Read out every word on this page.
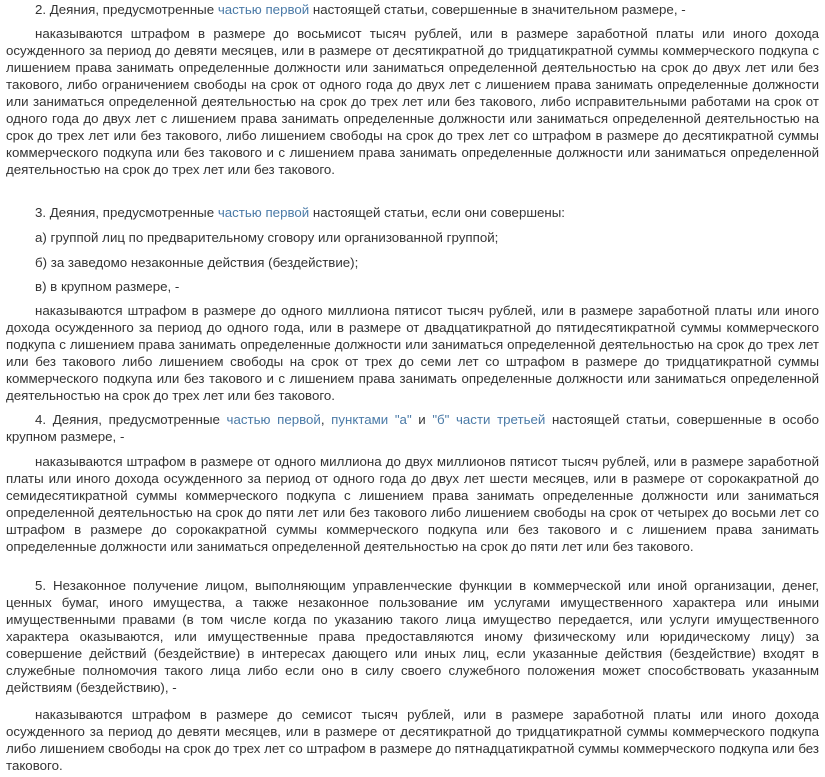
2. Деяния, предусмотренные частью первой настоящей статьи, совершенные в значительном размере, -

наказываются штрафом в размере до восьмисот тысяч рублей, или в размере заработной платы или иного дохода осужденного за период до девяти месяцев, или в размере от десятикратной до тридцатикратной суммы коммерческого подкупа с лишением права занимать определенные должности или заниматься определенной деятельностью на срок до двух лет или без такового, либо ограничением свободы на срок от одного года до двух лет с лишением права занимать определенные должности или заниматься определенной деятельностью на срок до трех лет или без такового, либо исправительными работами на срок от одного года до двух лет с лишением права занимать определенные должности или заниматься определенной деятельностью на срок до трех лет или без такового, либо лишением свободы на срок до трех лет со штрафом в размере до десятикратной суммы коммерческого подкупа или без такового и с лишением права занимать определенные должности или заниматься определенной деятельностью на срок до трех лет или без такового.

3. Деяния, предусмотренные частью первой настоящей статьи, если они совершены:

а) группой лиц по предварительному сговору или организованной группой;

б) за заведомо незаконные действия (бездействие);

в) в крупном размере, -

наказываются штрафом в размере до одного миллиона пятисот тысяч рублей, или в размере заработной платы или иного дохода осужденного за период до одного года, или в размере от двадцатикратной до пятидесятикратной суммы коммерческого подкупа с лишением права занимать определенные должности или заниматься определенной деятельностью на срок до трех лет или без такового либо лишением свободы на срок от трех до семи лет со штрафом в размере до тридцатикратной суммы коммерческого подкупа или без такового и с лишением права занимать определенные должности или заниматься определенной деятельностью на срок до трех лет или без такового.

4. Деяния, предусмотренные частью первой, пунктами "а" и "б" части третьей настоящей статьи, совершенные в особо крупном размере, -

наказываются штрафом в размере от одного миллиона до двух миллионов пятисот тысяч рублей, или в размере заработной платы или иного дохода осужденного за период от одного года до двух лет шести месяцев, или в размере от сорокакратной до семидесятикратной суммы коммерческого подкупа с лишением права занимать определенные должности или заниматься определенной деятельностью на срок до пяти лет или без такового либо лишением свободы на срок от четырех до восьми лет со штрафом в размере до сорокакратной суммы коммерческого подкупа или без такового и с лишением права занимать определенные должности или заниматься определенной деятельностью на срок до пяти лет или без такового.

5. Незаконное получение лицом, выполняющим управленческие функции в коммерческой или иной организации, денег, ценных бумаг, иного имущества, а также незаконное пользование им услугами имущественного характера или иными имущественными правами (в том числе когда по указанию такого лица имущество передается, или услуги имущественного характера оказываются, или имущественные права предоставляются иному физическому или юридическому лицу) за совершение действий (бездействие) в интересах дающего или иных лиц, если указанные действия (бездействие) входят в служебные полномочия такого лица либо если оно в силу своего служебного положения может способствовать указанным действиям (бездействию), -

наказываются штрафом в размере до семисот тысяч рублей, или в размере заработной платы или иного дохода осужденного за период до девяти месяцев, или в размере от десятикратной до тридцатикратной суммы коммерческого подкупа либо лишением свободы на срок до трех лет со штрафом в размере до пятнадцатикратной суммы коммерческого подкупа или без такового.
